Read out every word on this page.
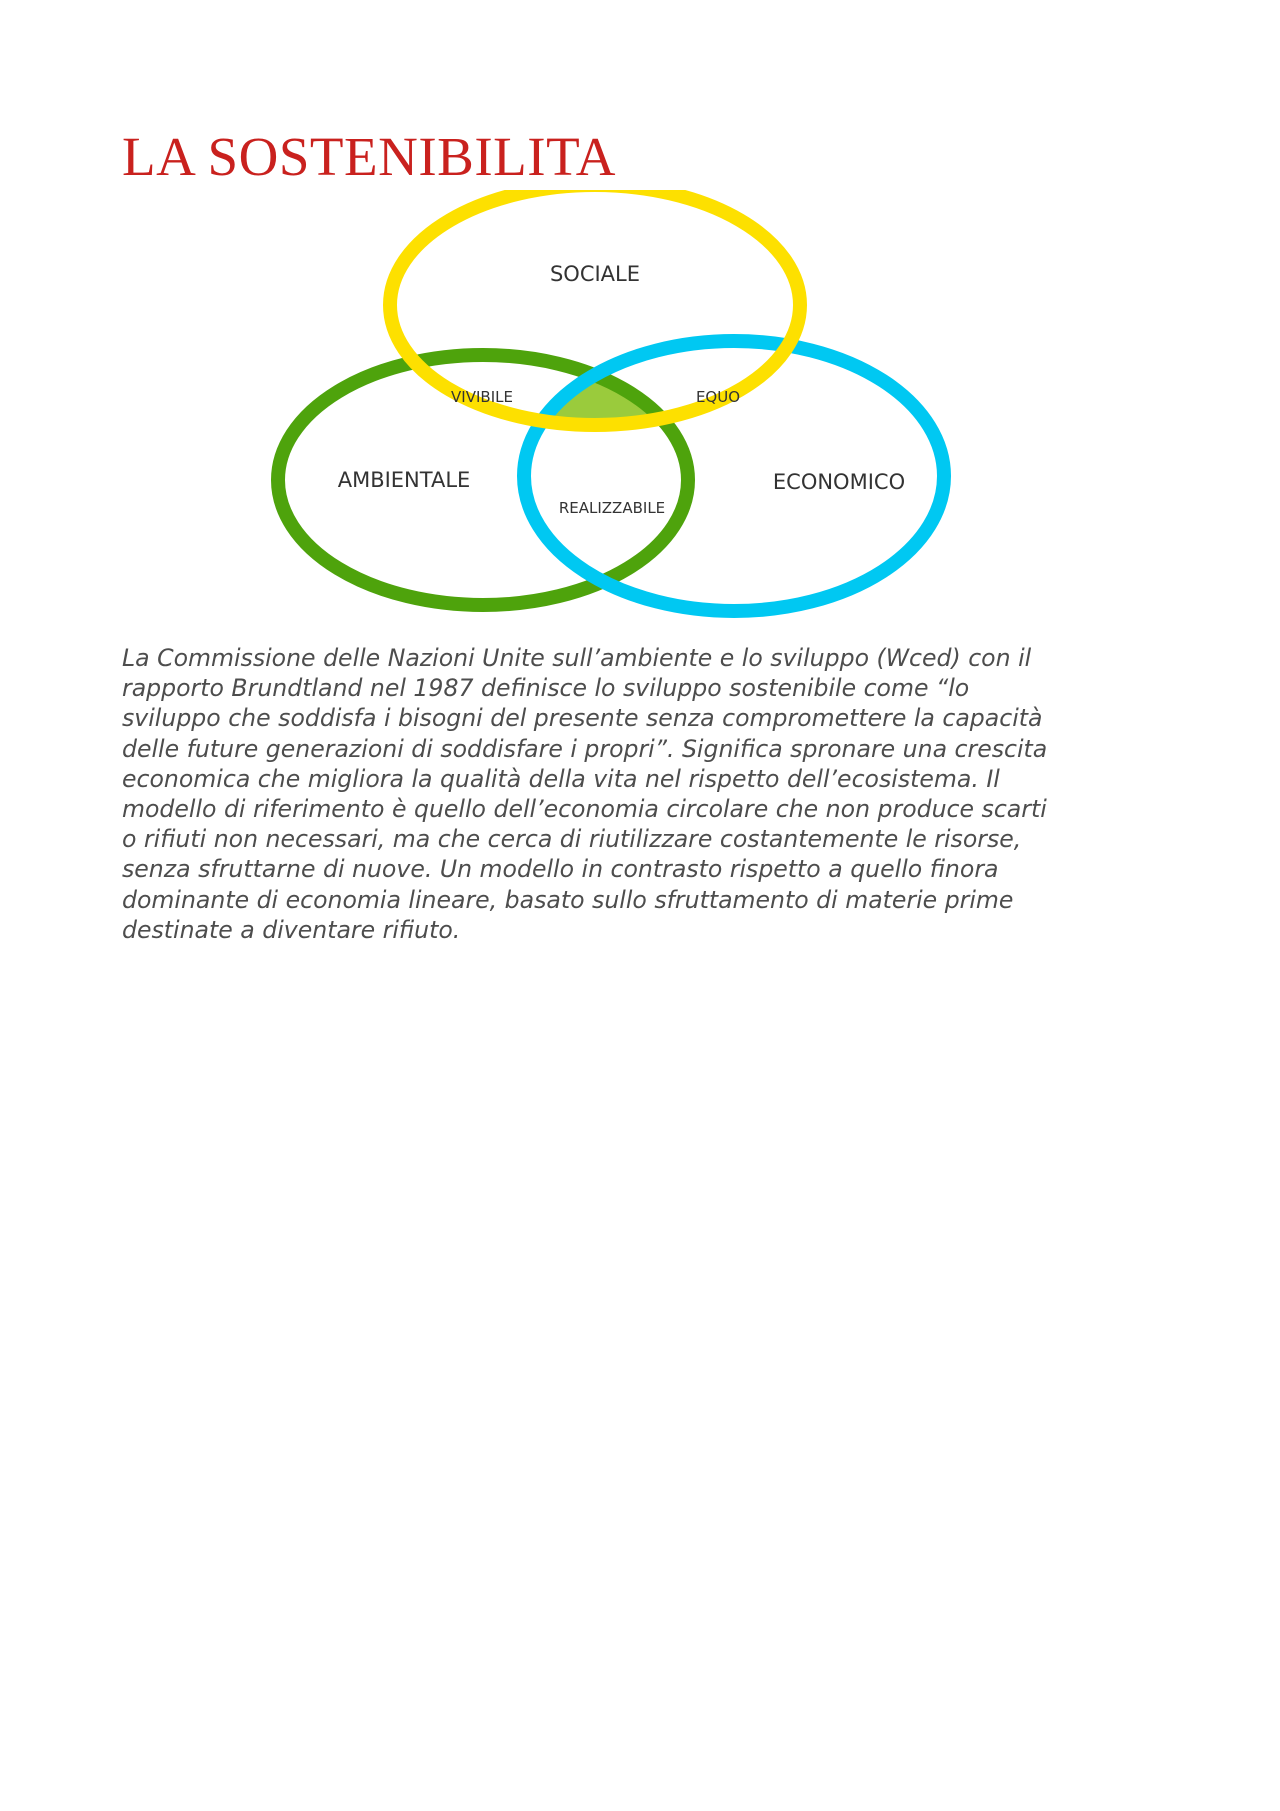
LA SOSTENIBILITA
SOCIALE
AMBIENTALE	ECONOMICO
VIVIBILE	EQUO
SOSTENIBILE
REALIZZABILE

La Commissione delle Nazioni Unite sull’ambiente e lo sviluppo (Wced) con il
rapporto Brundtland nel 1987 definisce lo sviluppo sostenibile come “lo
sviluppo che soddisfa i bisogni del presente senza compromettere la capacità
delle future generazioni di soddisfare i propri”. Significa spronare una crescita
economica che migliora la qualità della vita nel rispetto dell’ecosistema. Il
modello di riferimento è quello dell’economia circolare che non produce scarti
o rifiuti non necessari, ma che cerca di riutilizzare costantemente le risorse,
senza sfruttarne di nuove. Un modello in contrasto rispetto a quello finora
dominante di economia lineare, basato sullo sfruttamento di materie prime
destinate a diventare rifiuto.
